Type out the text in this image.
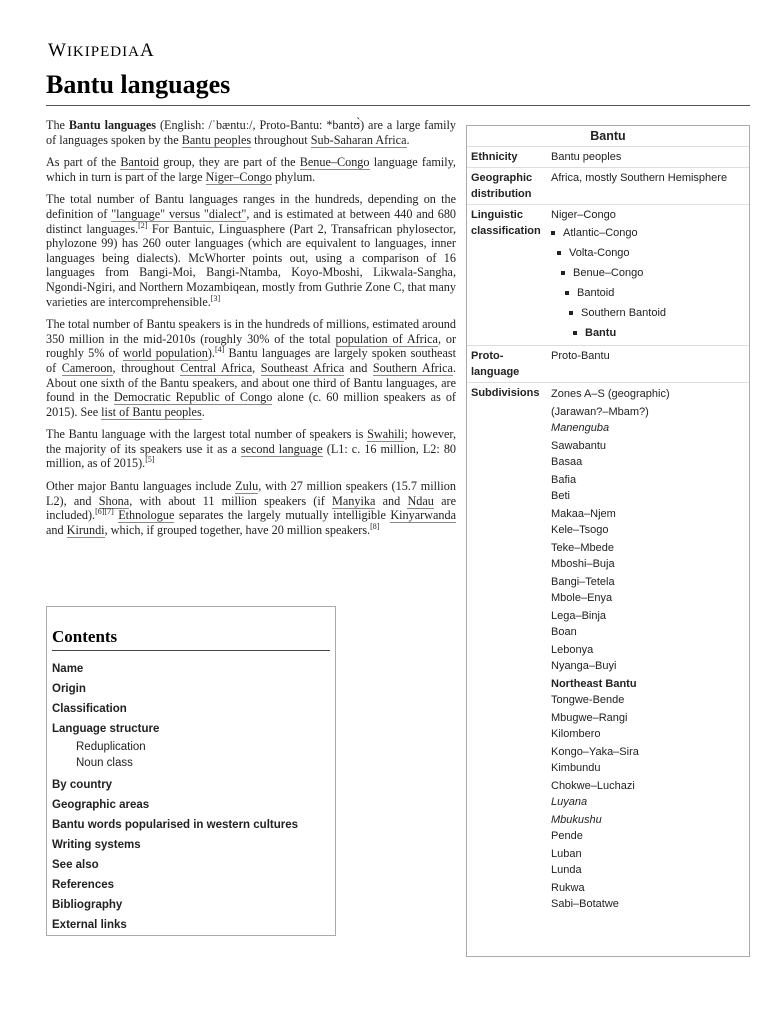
WIKIPEDIAA
Bantu languages

The Bantu languages (English: /ˈbæntuː/, Proto-Bantu: *bantʊ̀) are a large family of languages spoken by the Bantu peoples throughout Sub-Saharan Africa.

As part of the Bantoid group, they are part of the Benue–Congo language family, which in turn is part of the large Niger–Congo phylum.

The total number of Bantu languages ranges in the hundreds, depending on the definition of "language" versus "dialect", and is estimated at between 440 and 680 distinct languages.[2] For Bantuic, Linguasphere (Part 2, Transafrican phylosector, phylozone 99) has 260 outer languages (which are equivalent to languages, inner languages being dialects). McWhorter points out, using a comparison of 16 languages from Bangi-Moi, Bangi-Ntamba, Koyo-Mboshi, Likwala-Sangha, Ngondi-Ngiri, and Northern Mozambiqean, mostly from Guthrie Zone C, that many varieties are intercomprehensible.[3]

The total number of Bantu speakers is in the hundreds of millions, estimated around 350 million in the mid-2010s (roughly 30% of the total population of Africa, or roughly 5% of world population).[4] Bantu languages are largely spoken southeast of Cameroon, throughout Central Africa, Southeast Africa and Southern Africa. About one sixth of the Bantu speakers, and about one third of Bantu languages, are found in the Democratic Republic of Congo alone (c. 60 million speakers as of 2015). See list of Bantu peoples.

The Bantu language with the largest total number of speakers is Swahili; however, the majority of its speakers use it as a second language (L1: c. 16 million, L2: 80 million, as of 2015).[5]

Other major Bantu languages include Zulu, with 27 million speakers (15.7 million L2), and Shona, with about 11 million speakers (if Manyika and Ndau are included).[6][7] Ethnologue separates the largely mutually intelligible Kinyarwanda and Kirundi, which, if grouped together, have 20 million speakers.[8]

Contents
Name
Origin
Classification
Language structure
Reduplication
Noun class
By country
Geographic areas
Bantu words popularised in western cultures
Writing systems
See also
References
Bibliography
External links
Bantu
Ethnicity	Bantu peoples
Geographic distribution
Africa, mostly Southern Hemisphere
Linguistic classification
Niger–Congo
Atlantic–Congo
Volta-Congo
Benue–Congo
Bantoid
Southern Bantoid
Bantu
Proto-language
Proto-Bantu
Subdivisions	Zones A–S (geographic)
(Jarawan?–Mbam?)
Manenguba
Sawabantu
Basaa
Bafia
Beti
Makaa–Njem
Kele–Tsogo
Teke–Mbede
Mboshi–Buja
Bangi–Tetela
Mbole–Enya
Lega–Binja
Boan
Lebonya
Nyanga–Buyi
Northeast Bantu
Tongwe-Bende
Mbugwe–Rangi
Kilombero
Kongo–Yaka–Sira
Kimbundu
Chokwe–Luchazi
Luyana
Mbukushu
Pende
Luban
Lunda
Rukwa
Sabi–Botatwe
